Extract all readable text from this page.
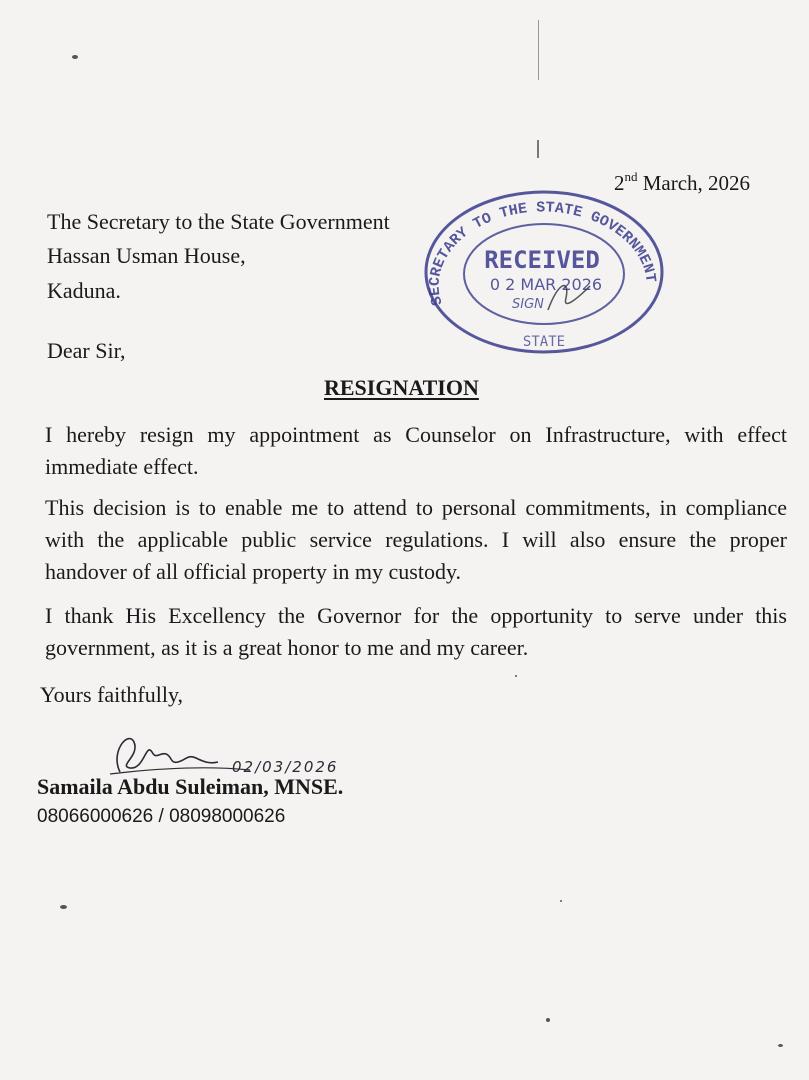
2nd March, 2026
The Secretary to the State Government
Hassan Usman House,
Kaduna.	SECRETARY TO THE STATE GOVERNMENT
RECEIVED
0 2 MAR 2026
SIGN
STATE
Dear Sir,
RESIGNATION
I hereby resign my appointment as Counselor on Infrastructure, with effect immediate effect.
This decision is to enable me to attend to personal commitments, in compliance with the applicable public service regulations. I will also ensure the proper handover of all official property in my custody.
I thank His Excellency the Governor for the opportunity to serve under this government, as it is a great honor to me and my career.
Yours faithfully,
02/03/2026
Samaila Abdu Suleiman, MNSE.
08066000626 / 08098000626
